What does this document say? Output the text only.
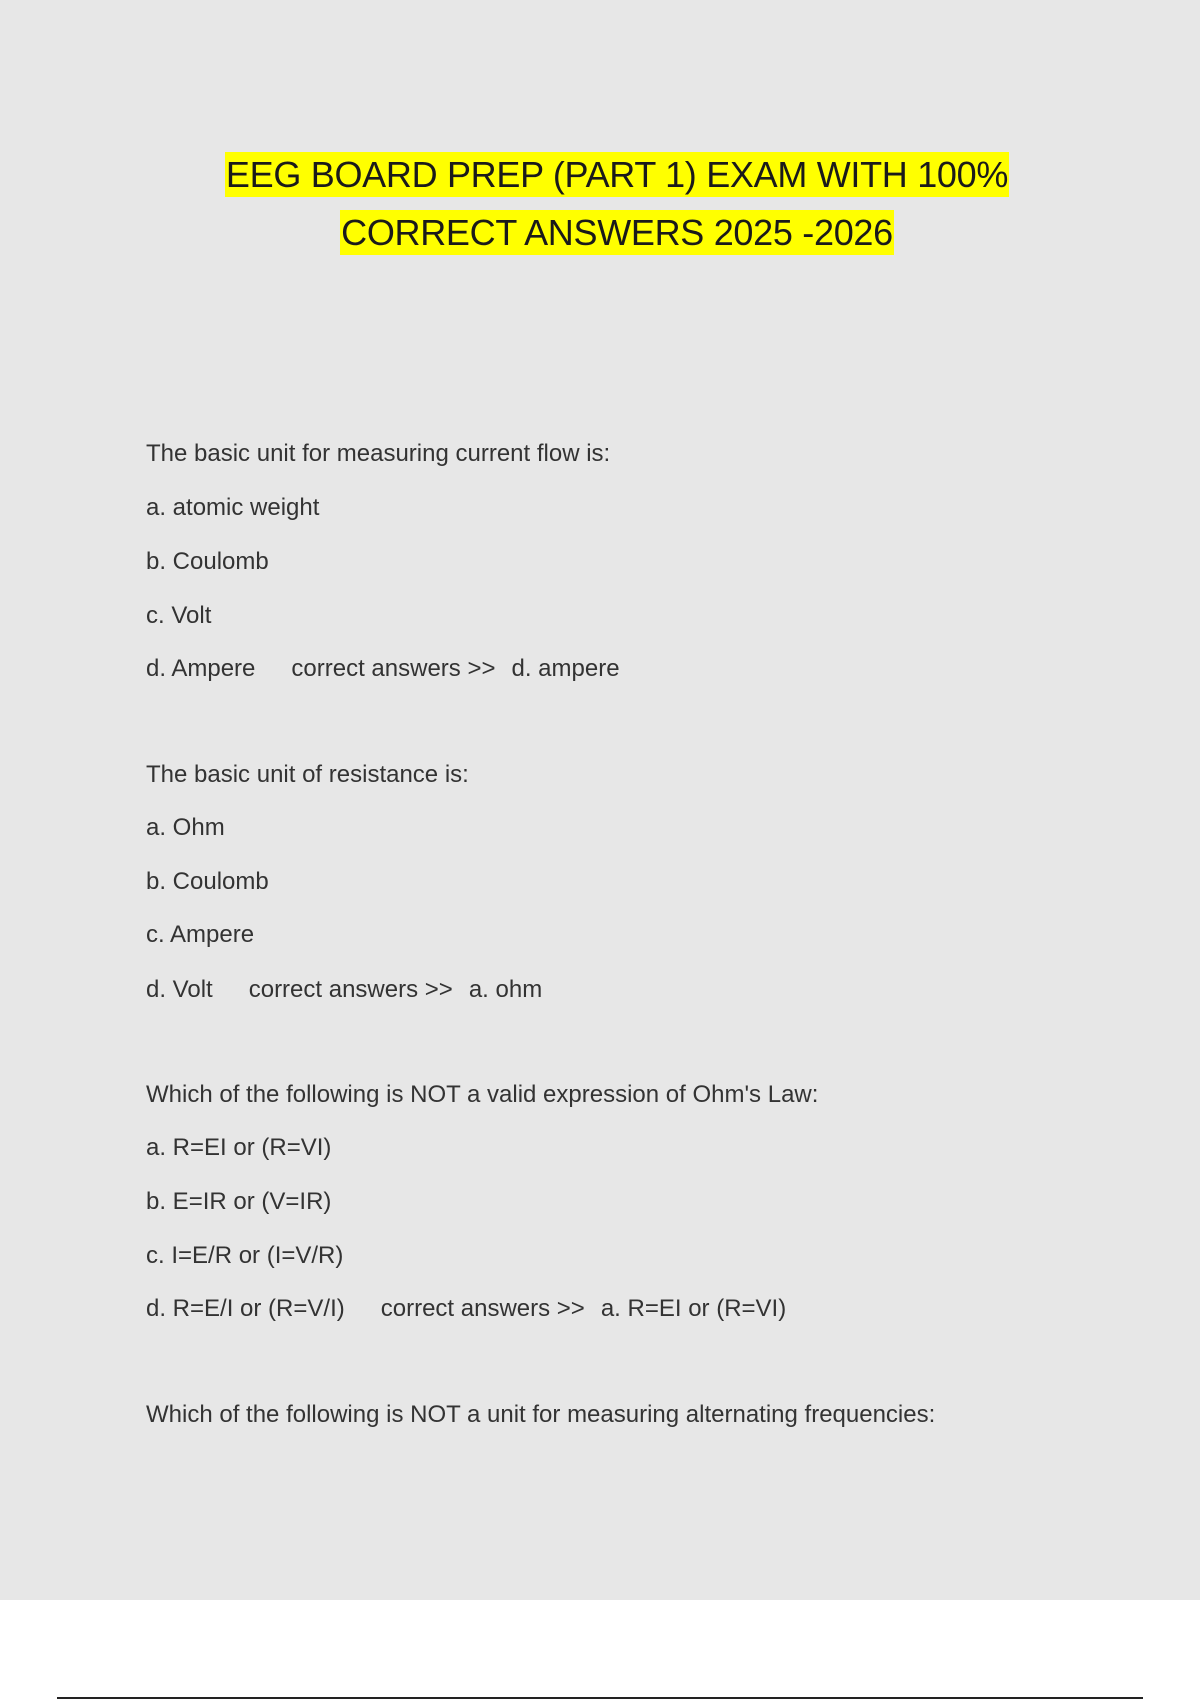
EEG BOARD PREP (PART 1) EXAM WITH 100%
CORRECT ANSWERS 2025 -2026
The basic unit for measuring current flow is:
a. atomic weight
b. Coulomb
c. Volt
d. Ampere correct answers >> d. ampere
The basic unit of resistance is:
a. Ohm
b. Coulomb
c. Ampere
d. Volt correct answers >> a. ohm
Which of the following is NOT a valid expression of Ohm's Law:
a. R=EI or (R=VI)
b. E=IR or (V=IR)
c. I=E/R or (I=V/R)
d. R=E/I or (R=V/I) correct answers >> a. R=EI or (R=VI)
Which of the following is NOT a unit for measuring alternating frequencies:
